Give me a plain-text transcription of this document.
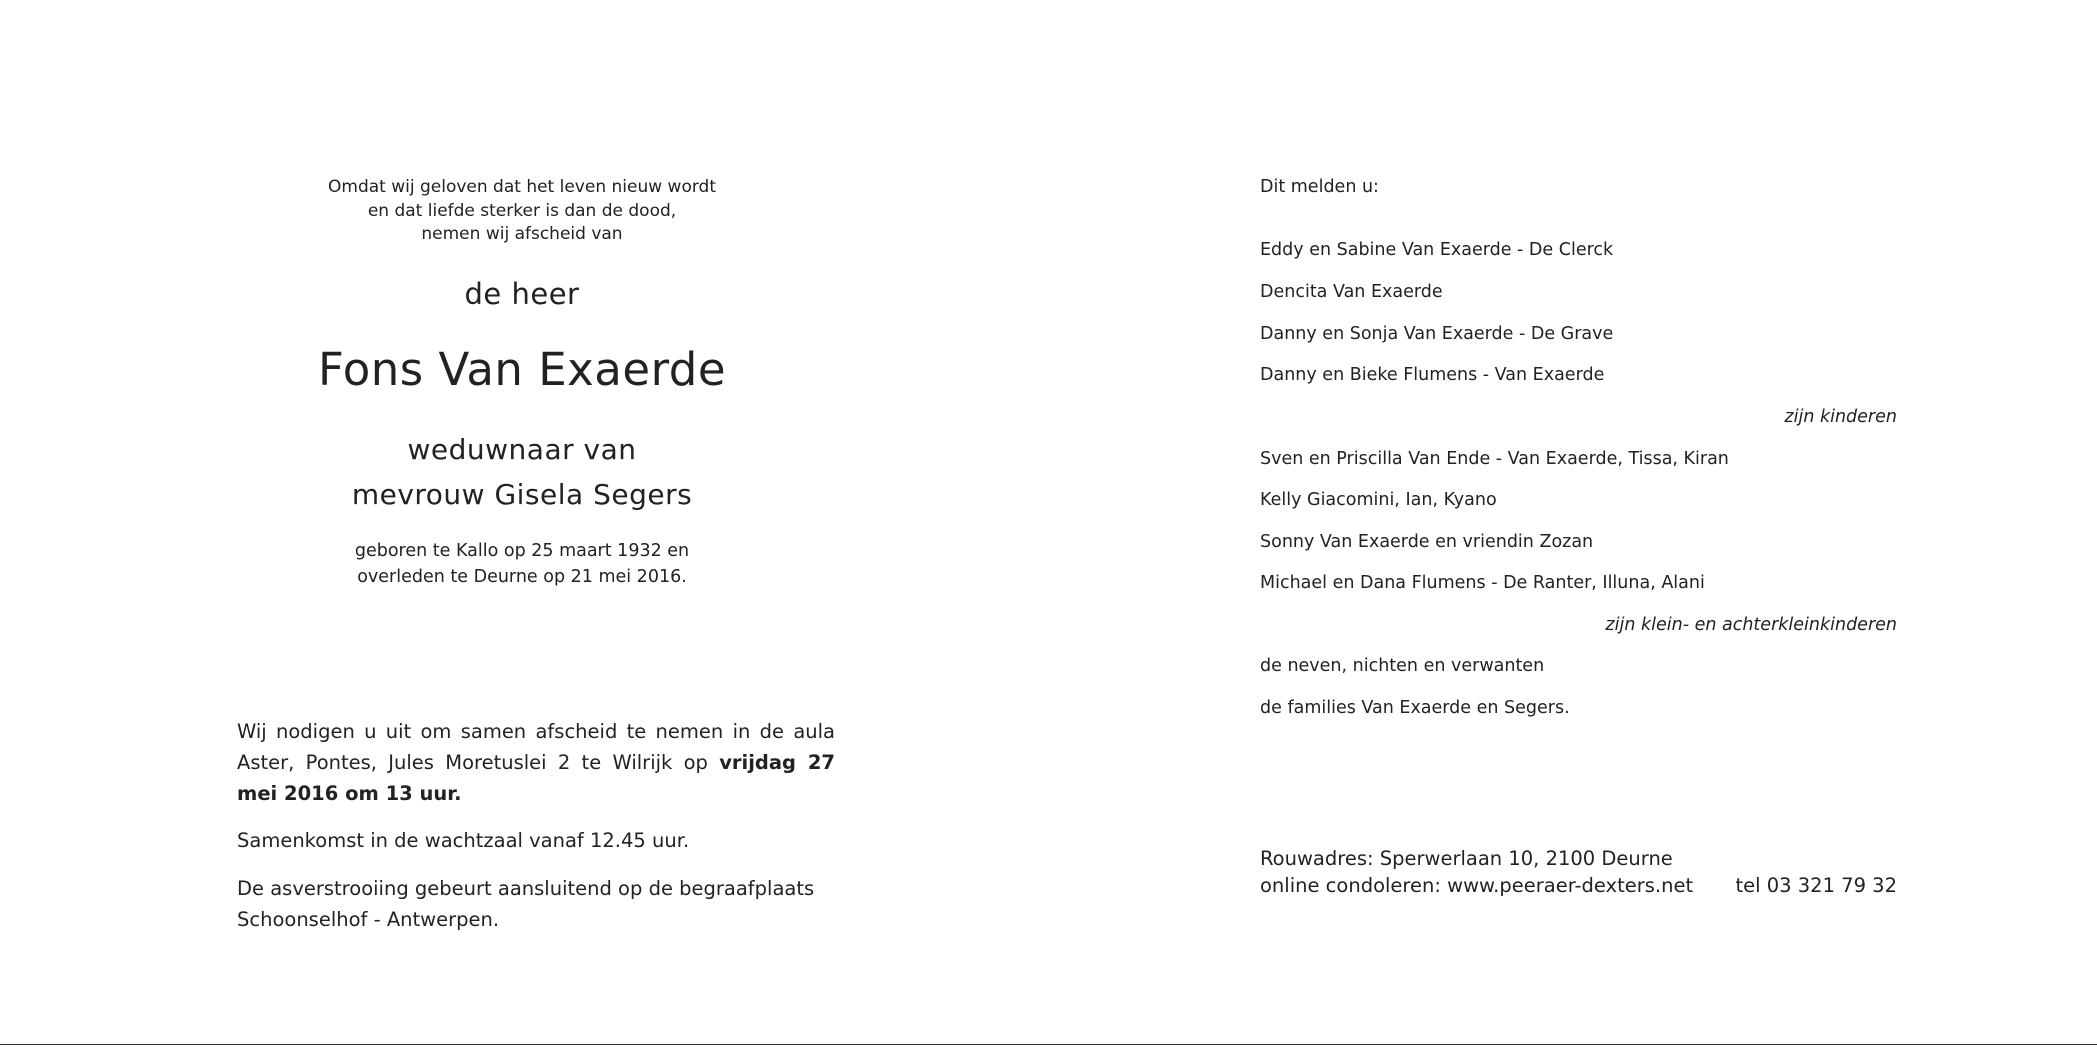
Omdat wij geloven dat het leven nieuw wordt
en dat liefde sterker is dan de dood,
nemen wij afscheid van
de heer
Fons Van Exaerde
weduwnaar van
mevrouw Gisela Segers
geboren te Kallo op 25 maart 1932 en
overleden te Deurne op 21 mei 2016.

Wij nodigen u uit om samen afscheid te nemen in de aula Aster, Pontes, Jules Moretuslei 2 te Wilrijk op vrijdag 27 mei 2016 om 13 uur.

Samenkomst in de wachtzaal vanaf 12.45 uur.

De asverstrooiing gebeurt aansluitend op de begraafplaats
Schoonselhof - Antwerpen.

Dit melden u:
Eddy en Sabine Van Exaerde - De Clerck
Dencita Van Exaerde
Danny en Sonja Van Exaerde - De Grave
Danny en Bieke Flumens - Van Exaerde
zijn kinderen
Sven en Priscilla Van Ende - Van Exaerde, Tissa, Kiran
Kelly Giacomini, Ian, Kyano
Sonny Van Exaerde en vriendin Zozan
Michael en Dana Flumens - De Ranter, Illuna, Alani
zijn klein- en achterkleinkinderen
de neven, nichten en verwanten
de families Van Exaerde en Segers.
Rouwadres: Sperwerlaan 10, 2100 Deurne
online condoleren: www.peeraer-dexters.net tel 03 321 79 32
